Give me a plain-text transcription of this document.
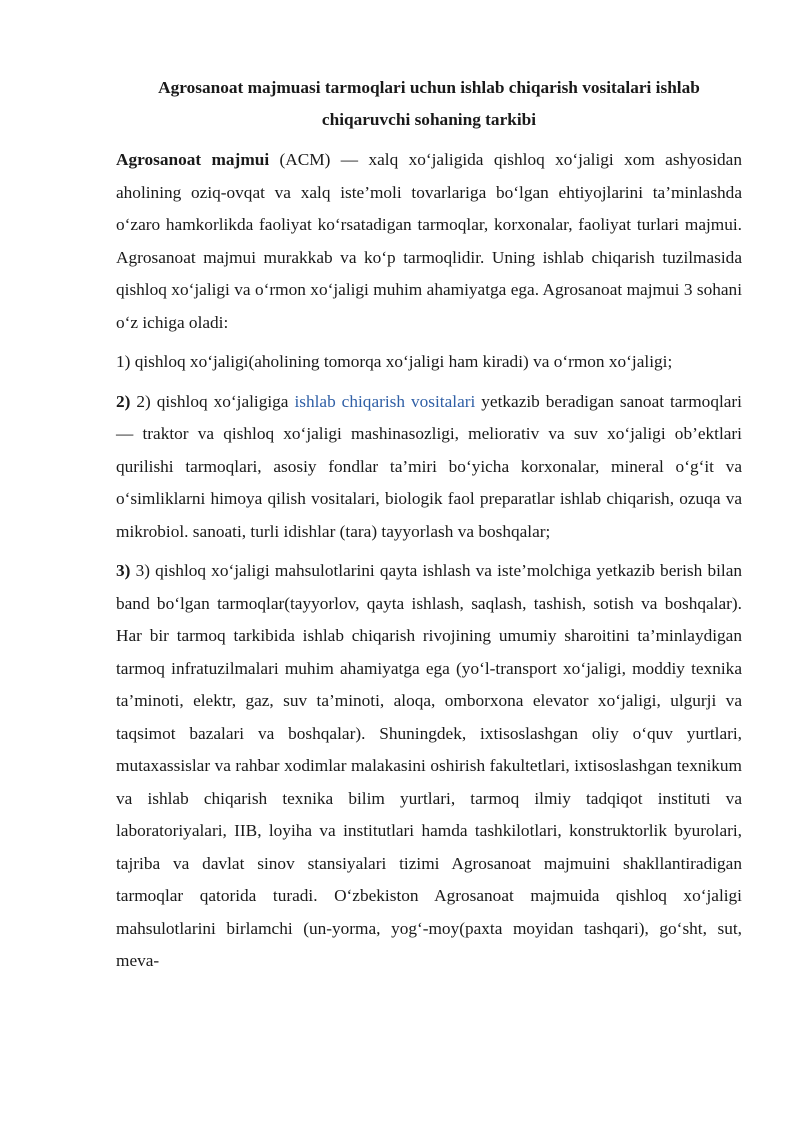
Agrosanoat majmuasi tarmoqlari uchun ishlab chiqarish vositalari ishlab chiqaruvchi sohaning tarkibi

Agrosanoat majmui (ACM) — xalq xo‘jaligida qishloq xo‘jaligi xom ashyosidan aholining oziq-ovqat va xalq iste’moli tovarlariga bo‘lgan ehtiyojlarini ta’minlashda o‘zaro hamkorlikda faoliyat ko‘rsatadigan tarmoqlar, korxonalar, faoliyat turlari majmui. Agrosanoat majmui murakkab va ko‘p tarmoqlidir. Uning ishlab chiqarish tuzilmasida qishloq xo‘jaligi va o‘rmon xo‘jaligi muhim ahamiyatga ega. Agrosanoat majmui 3 sohani o‘z ichiga oladi:

1) qishloq xo‘jaligi(aholining tomorqa xo‘jaligi ham kiradi) va o‘rmon xo‘jaligi;

2) 2) qishloq xo‘jaligiga ishlab chiqarish vositalari yetkazib beradigan sanoat tarmoqlari — traktor va qishloq xo‘jaligi mashinasozligi, meliorativ va suv xo‘jaligi ob’ektlari qurilishi tarmoqlari, asosiy fondlar ta’miri bo‘yicha korxonalar, mineral o‘g‘it va o‘simliklarni himoya qilish vositalari, biologik faol preparatlar ishlab chiqarish, ozuqa va mikrobiol. sanoati, turli idishlar (tara) tayyorlash va boshqalar;

3) 3) qishloq xo‘jaligi mahsulotlarini qayta ishlash va iste’molchiga yetkazib berish bilan band bo‘lgan tarmoqlar(tayyorlov, qayta ishlash, saqlash, tashish, sotish va boshqalar). Har bir tarmoq tarkibida ishlab chiqarish rivojining umumiy sharoitini ta’minlaydigan tarmoq infratuzilmalari muhim ahamiyatga ega (yo‘l-transport xo‘jaligi, moddiy texnika ta’minoti, elektr, gaz, suv ta’minoti, aloqa, omborxona elevator xo‘jaligi, ulgurji va taqsimot bazalari va boshqalar). Shuningdek, ixtisoslashgan oliy o‘quv yurtlari, mutaxassislar va rahbar xodimlar malakasini oshirish fakultetlari, ixtisoslashgan texnikum va ishlab chiqarish texnika bilim yurtlari, tarmoq ilmiy tadqiqot instituti va laboratoriyalari, IIB, loyiha va institutlari hamda tashkilotlari, konstruktorlik byurolari, tajriba va davlat sinov stansiyalari tizimi Agrosanoat majmuini shakllantiradigan tarmoqlar qatorida turadi. O‘zbekiston Agrosanoat majmuida qishloq xo‘jaligi mahsulotlarini birlamchi (un-yorma, yog‘-moy(paxta moyidan tashqari), go‘sht, sut, meva-
